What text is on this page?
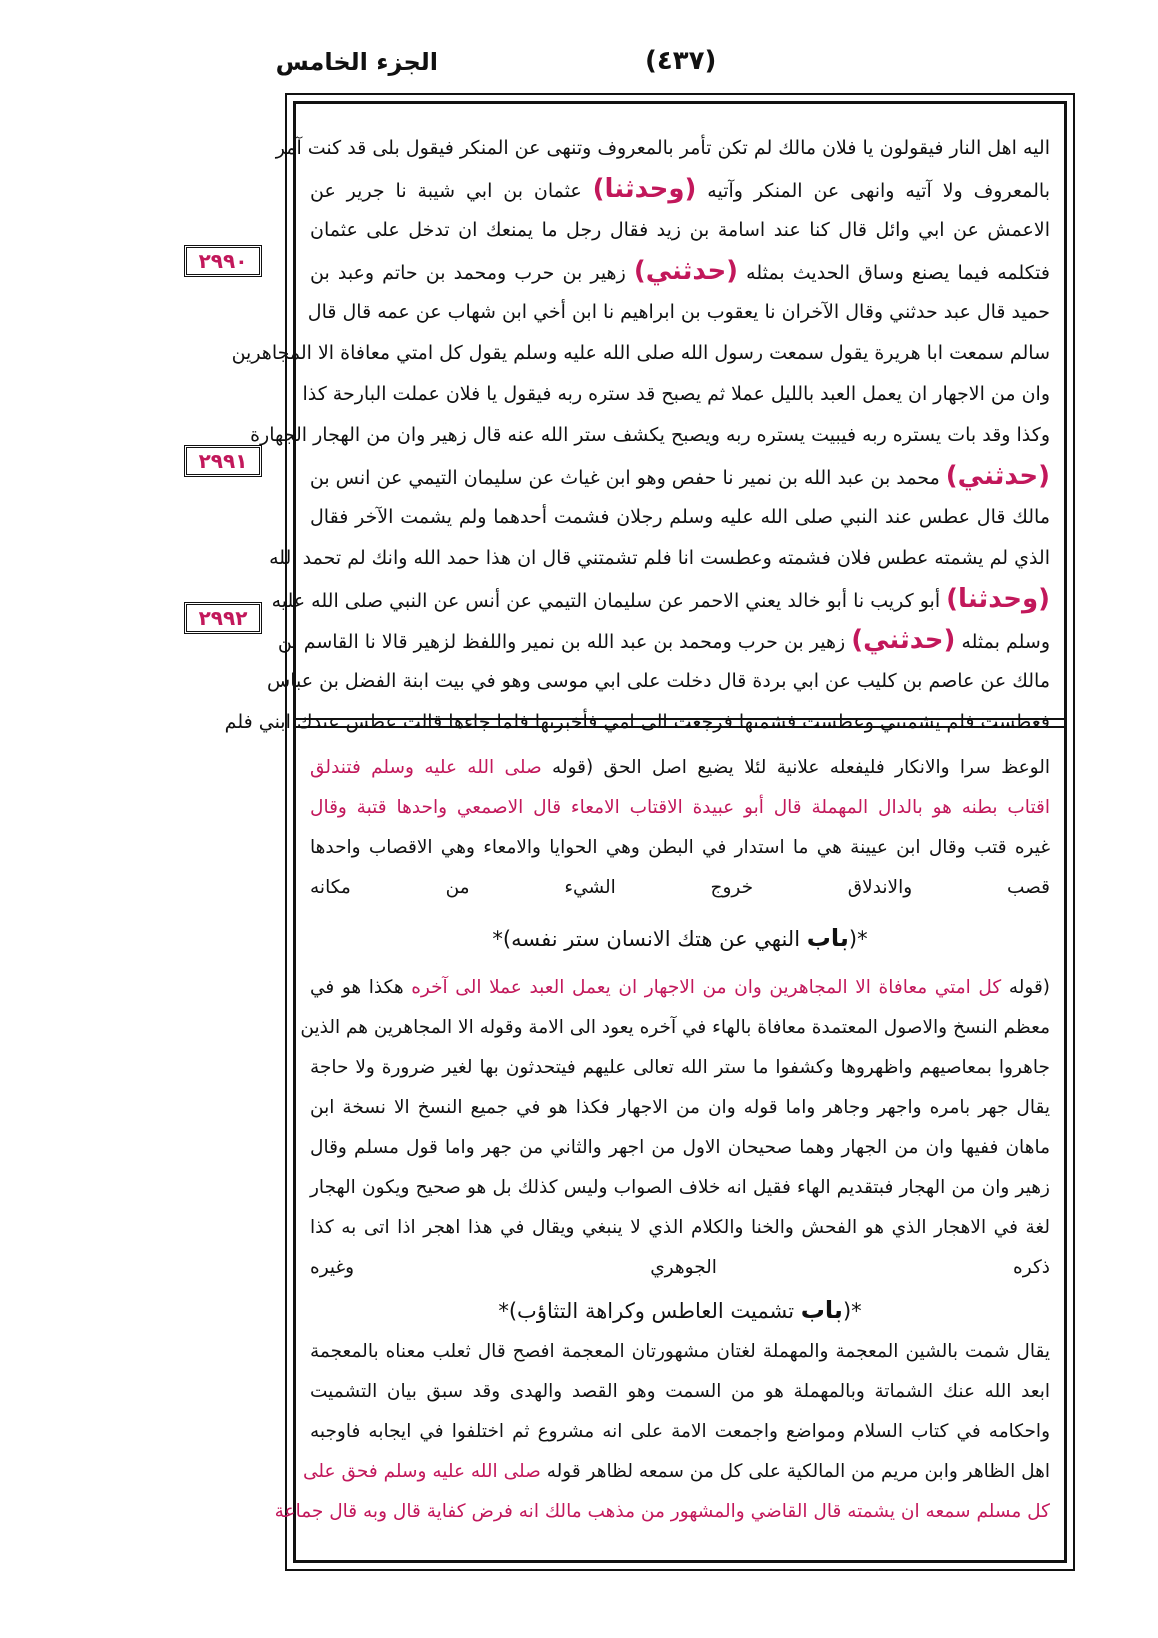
الجزء الخامس	(٤٣٧)
٢٩٩٠
٢٩٩١
٢٩٩٢
اليه اهل النار فيقولون يا فلان مالك لم تكن تأمر بالمعروف وتنهى عن المنكر فيقول بلى قد كنت آمر
بالمعروف ولا آتيه وانهى عن المنكر وآتيه (وحدثنا) عثمان بن ابي شيبة نا جرير عن
الاعمش عن ابي وائل قال كنا عند اسامة بن زيد فقال رجل ما يمنعك ان تدخل على عثمان
فتكلمه فيما يصنع وساق الحديث بمثله (حدثني) زهير بن حرب ومحمد بن حاتم وعبد بن
حميد قال عبد حدثني وقال الآخران نا يعقوب بن ابراهيم نا ابن أخي ابن شهاب عن عمه قال قال
سالم سمعت ابا هريرة يقول سمعت رسول الله صلى الله عليه وسلم يقول كل امتي معافاة الا المجاهرين
وان من الاجهار ان يعمل العبد بالليل عملا ثم يصبح قد ستره ربه فيقول يا فلان عملت البارحة كذا
وكذا وقد بات يستره ربه فيبيت يستره ربه ويصبح يكشف ستر الله عنه قال زهير وان من الهجار الجهارة
(حدثني) محمد بن عبد الله بن نمير نا حفص وهو ابن غياث عن سليمان التيمي عن انس بن
مالك قال عطس عند النبي صلى الله عليه وسلم رجلان فشمت أحدهما ولم يشمت الآخر فقال
الذي لم يشمته عطس فلان فشمته وعطست انا فلم تشمتني قال ان هذا حمد الله وانك لم تحمد الله
(وحدثنا) أبو كريب نا أبو خالد يعني الاحمر عن سليمان التيمي عن أنس عن النبي صلى الله عليه
وسلم بمثله (حدثني) زهير بن حرب ومحمد بن عبد الله بن نمير واللفظ لزهير قالا نا القاسم بن
مالك عن عاصم بن كليب عن ابي بردة قال دخلت على ابي موسى وهو في بيت ابنة الفضل بن عباس
فعطست فلم يشمتني وعطست فشمتها فرجعت الى امي فأخبرتها فلما جاءها قالت عطس عندك ابني فلم
الوعظ سرا والانكار فليفعله علانية لئلا يضيع اصل الحق (قوله صلى الله عليه وسلم فتندلق
اقتاب بطنه هو بالدال المهملة قال أبو عبيدة الاقتاب الامعاء قال الاصمعي واحدها قتبة وقال
غيره قتب وقال ابن عيينة هي ما استدار في البطن وهي الحوايا والامعاء وهي الاقصاب واحدها
قصب والاندلاق خروج الشيء من مكانه
*(باب النهي عن هتك الانسان ستر نفسه)*
(قوله كل امتي معافاة الا المجاهرين وان من الاجهار ان يعمل العبد عملا الى آخره هكذا هو في
معظم النسخ والاصول المعتمدة معافاة بالهاء في آخره يعود الى الامة وقوله الا المجاهرين هم الذين
جاهروا بمعاصيهم واظهروها وكشفوا ما ستر الله تعالى عليهم فيتحدثون بها لغير ضرورة ولا حاجة
يقال جهر بامره واجهر وجاهر واما قوله وان من الاجهار فكذا هو في جميع النسخ الا نسخة ابن
ماهان ففيها وان من الجهار وهما صحيحان الاول من اجهر والثاني من جهر واما قول مسلم وقال
زهير وان من الهجار فبتقديم الهاء فقيل انه خلاف الصواب وليس كذلك بل هو صحيح ويكون الهجار
لغة في الاهجار الذي هو الفحش والخنا والكلام الذي لا ينبغي ويقال في هذا اهجر اذا اتى به كذا
ذكره الجوهري وغيره
*(باب تشميت العاطس وكراهة التثاؤب)*
يقال شمت بالشين المعجمة والمهملة لغتان مشهورتان المعجمة افصح قال ثعلب معناه بالمعجمة
ابعد الله عنك الشماتة وبالمهملة هو من السمت وهو القصد والهدى وقد سبق بيان التشميت
واحكامه في كتاب السلام ومواضع واجمعت الامة على انه مشروع ثم اختلفوا في ايجابه فاوجبه
اهل الظاهر وابن مريم من المالكية على كل من سمعه لظاهر قوله صلى الله عليه وسلم فحق على
كل مسلم سمعه ان يشمته قال القاضي والمشهور من مذهب مالك انه فرض كفاية قال وبه قال جماعة
